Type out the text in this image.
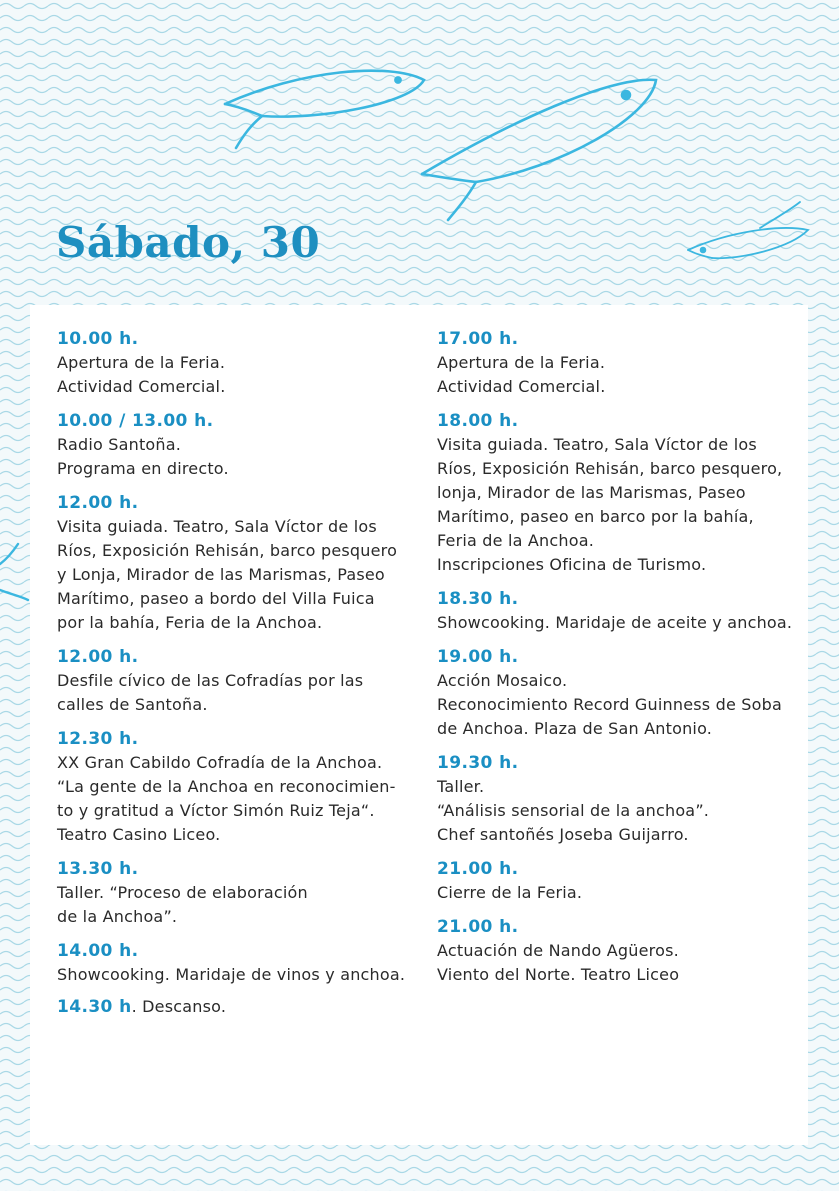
Sábado, 30
10.00 h.
Apertura de la Feria.
Actividad Comercial.
10.00 / 13.00 h.
Radio Santoña.
Programa en directo.
12.00 h.
Visita guiada. Teatro, Sala Víctor de los
Ríos, Exposición Rehisán, barco pesquero
y Lonja, Mirador de las Marismas, Paseo
Marítimo, paseo a bordo del Villa Fuica
por la bahía, Feria de la Anchoa.
12.00 h.
Desfile cívico de las Cofradías por las
calles de Santoña.
12.30 h.
XX Gran Cabildo Cofradía de la Anchoa.
“La gente de la Anchoa en reconocimien-
to y gratitud a Víctor Simón Ruiz Teja“.
Teatro Casino Liceo.
13.30 h.
Taller. “Proceso de elaboración
de la Anchoa”.
14.00 h.
Showcooking. Maridaje de vinos y anchoa.
14.30 h. Descanso.
17.00 h.
Apertura de la Feria.
Actividad Comercial.
18.00 h.
Visita guiada. Teatro, Sala Víctor de los
Ríos, Exposición Rehisán, barco pesquero,
lonja, Mirador de las Marismas, Paseo
Marítimo, paseo en barco por la bahía,
Feria de la Anchoa.
Inscripciones Oficina de Turismo.
18.30 h.
Showcooking. Maridaje de aceite y anchoa.
19.00 h.
Acción Mosaico.
Reconocimiento Record Guinness de Soba
de Anchoa. Plaza de San Antonio.
19.30 h.
Taller.
“Análisis sensorial de la anchoa”.
Chef santoñés Joseba Guijarro.
21.00 h.
Cierre de la Feria.
21.00 h.
Actuación de Nando Agüeros.
Viento del Norte. Teatro Liceo
